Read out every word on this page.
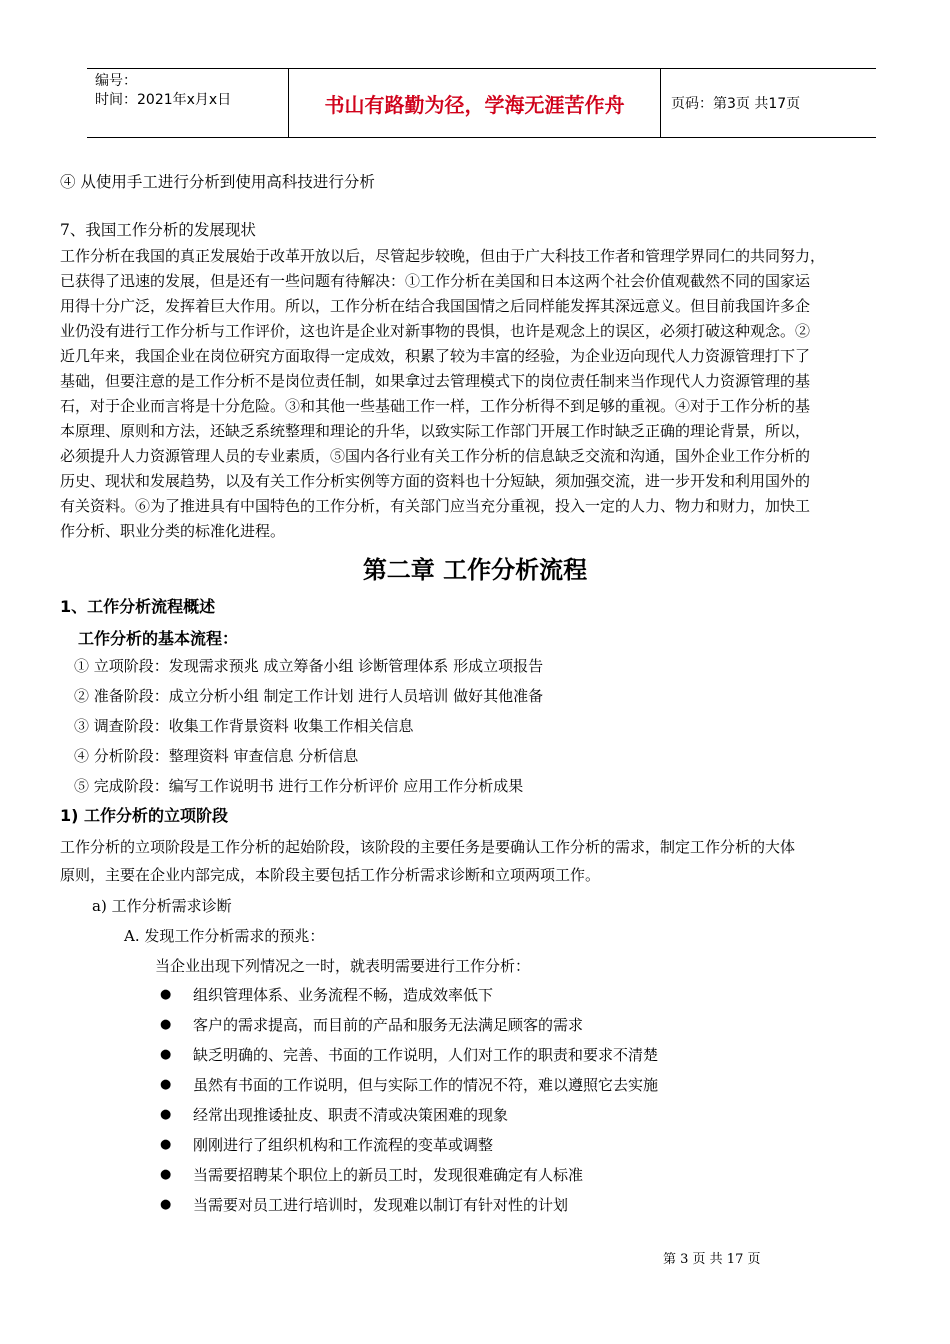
编号：
时间：2021年x月x日	书山有路勤为径，学海无涯苦作舟	页码：第3页 共17页
④ 从使用手工进行分析到使用高科技进行分析
7、我国工作分析的发展现状
工作分析在我国的真正发展始于改革开放以后，尽管起步较晚，但由于广大科技工作者和管理学界同仁的共同努力，
已获得了迅速的发展，但是还有一些问题有待解决：①工作分析在美国和日本这两个社会价值观截然不同的国家运
用得十分广泛，发挥着巨大作用。所以，工作分析在结合我国国情之后同样能发挥其深远意义。但目前我国许多企
业仍没有进行工作分析与工作评价，这也许是企业对新事物的畏惧，也许是观念上的误区，必须打破这种观念。②
近几年来，我国企业在岗位研究方面取得一定成效，积累了较为丰富的经验，为企业迈向现代人力资源管理打下了
基础，但要注意的是工作分析不是岗位责任制，如果拿过去管理模式下的岗位责任制来当作现代人力资源管理的基
石，对于企业而言将是十分危险。③和其他一些基础工作一样，工作分析得不到足够的重视。④对于工作分析的基
本原理、原则和方法，还缺乏系统整理和理论的升华，以致实际工作部门开展工作时缺乏正确的理论背景，所以，
必须提升人力资源管理人员的专业素质，⑤国内各行业有关工作分析的信息缺乏交流和沟通，国外企业工作分析的
历史、现状和发展趋势，以及有关工作分析实例等方面的资料也十分短缺，须加强交流，进一步开发和利用国外的
有关资料。⑥为了推进具有中国特色的工作分析，有关部门应当充分重视，投入一定的人力、物力和财力，加快工
作分析、职业分类的标准化进程。
第二章 工作分析流程
1、工作分析流程概述
工作分析的基本流程：
① 立项阶段：发现需求预兆 成立筹备小组 诊断管理体系 形成立项报告
② 准备阶段：成立分析小组 制定工作计划 进行人员培训 做好其他准备
③ 调查阶段：收集工作背景资料 收集工作相关信息
④ 分析阶段：整理资料 审查信息 分析信息
⑤ 完成阶段：编写工作说明书 进行工作分析评价 应用工作分析成果
1) 工作分析的立项阶段
工作分析的立项阶段是工作分析的起始阶段，该阶段的主要任务是要确认工作分析的需求，制定工作分析的大体
原则，主要在企业内部完成，本阶段主要包括工作分析需求诊断和立项两项工作。
a) 工作分析需求诊断
A. 发现工作分析需求的预兆：
当企业出现下列情况之一时，就表明需要进行工作分析：
● 组织管理体系、业务流程不畅，造成效率低下
● 客户的需求提高，而目前的产品和服务无法满足顾客的需求
● 缺乏明确的、完善、书面的工作说明，人们对工作的职责和要求不清楚
● 虽然有书面的工作说明，但与实际工作的情况不符，难以遵照它去实施
● 经常出现推诿扯皮、职责不清或决策困难的现象
● 刚刚进行了组织机构和工作流程的变革或调整
● 当需要招聘某个职位上的新员工时，发现很难确定有人标准
● 当需要对员工进行培训时，发现难以制订有针对性的计划
第 3 页 共 17 页
